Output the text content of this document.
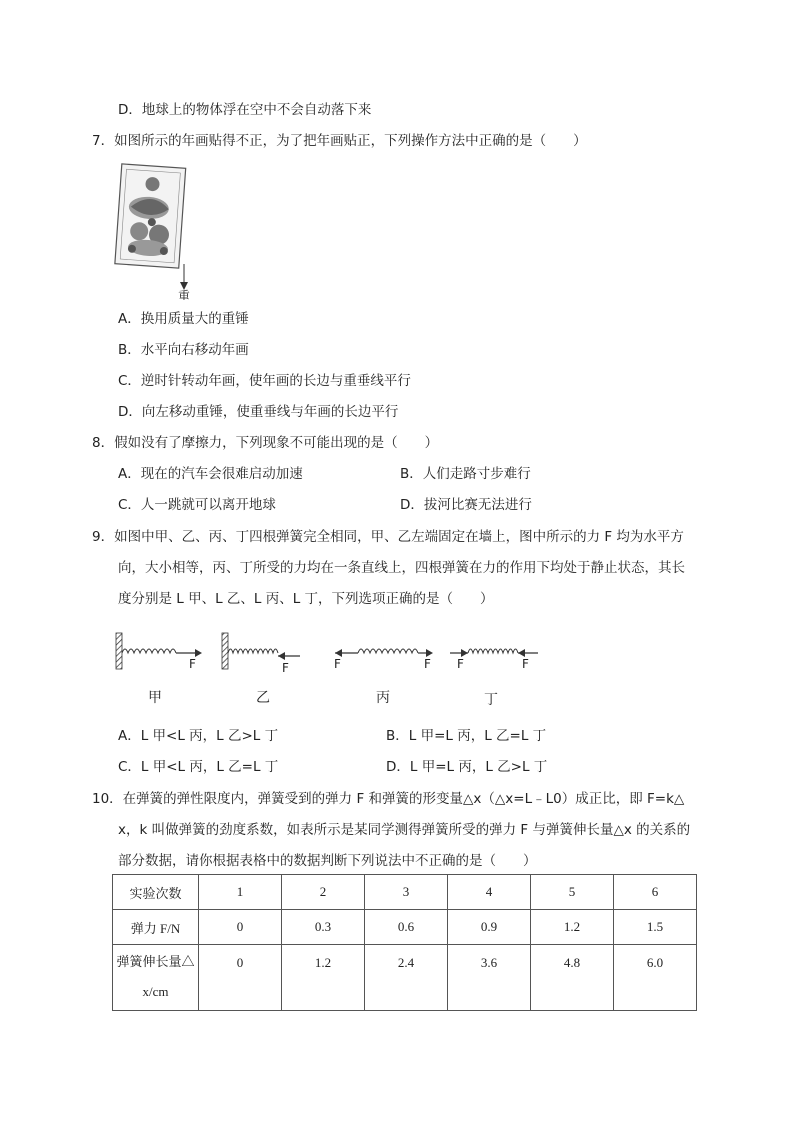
D．地球上的物体浮在空中不会自动落下来
7．如图所示的年画贴得不正，为了把年画贴正，下列操作方法中正确的是（　　）
重
A．换用质量大的重锤
B．水平向右移动年画
C．逆时针转动年画，使年画的长边与重垂线平行
D．向左移动重锤，使重垂线与年画的长边平行
8．假如没有了摩擦力，下列现象不可能出现的是（　　）
A．现在的汽车会很难启动加速	B．人们走路寸步难行
C．人一跳就可以离开地球	D．拔河比赛无法进行
9．如图中甲、乙、丙、丁四根弹簧完全相同，甲、乙左端固定在墙上，图中所示的力 F 均为水平方
向，大小相等，丙、丁所受的力均在一条直线上，四根弹簧在力的作用下均处于静止状态，其长
度分别是 L 甲、L 乙、L 丙、L 丁，下列选项正确的是（　　）
F
甲
F
乙
F	F
丙
F	F
丁
A．L 甲<L 丙，L 乙>L 丁	B．L 甲=L 丙，L 乙=L 丁
C．L 甲<L 丙，L 乙=L 丁	D．L 甲=L 丙，L 乙>L 丁
10．在弹簧的弹性限度内，弹簧受到的弹力 F 和弹簧的形变量△x（△x=L﹣L0）成正比，即 F=k△
x，k 叫做弹簧的劲度系数，如表所示是某同学测得弹簧所受的弹力 F 与弹簧伸长量△x 的关系的
部分数据，请你根据表格中的数据判断下列说法中不正确的是（　　）
实验次数	1	2	3	4	5	6
弹力 F/N	0	0.3	0.6	0.9	1.2	1.5
弹簧伸长量△x/cm	0	1.2	2.4	3.6	4.8	6.0
